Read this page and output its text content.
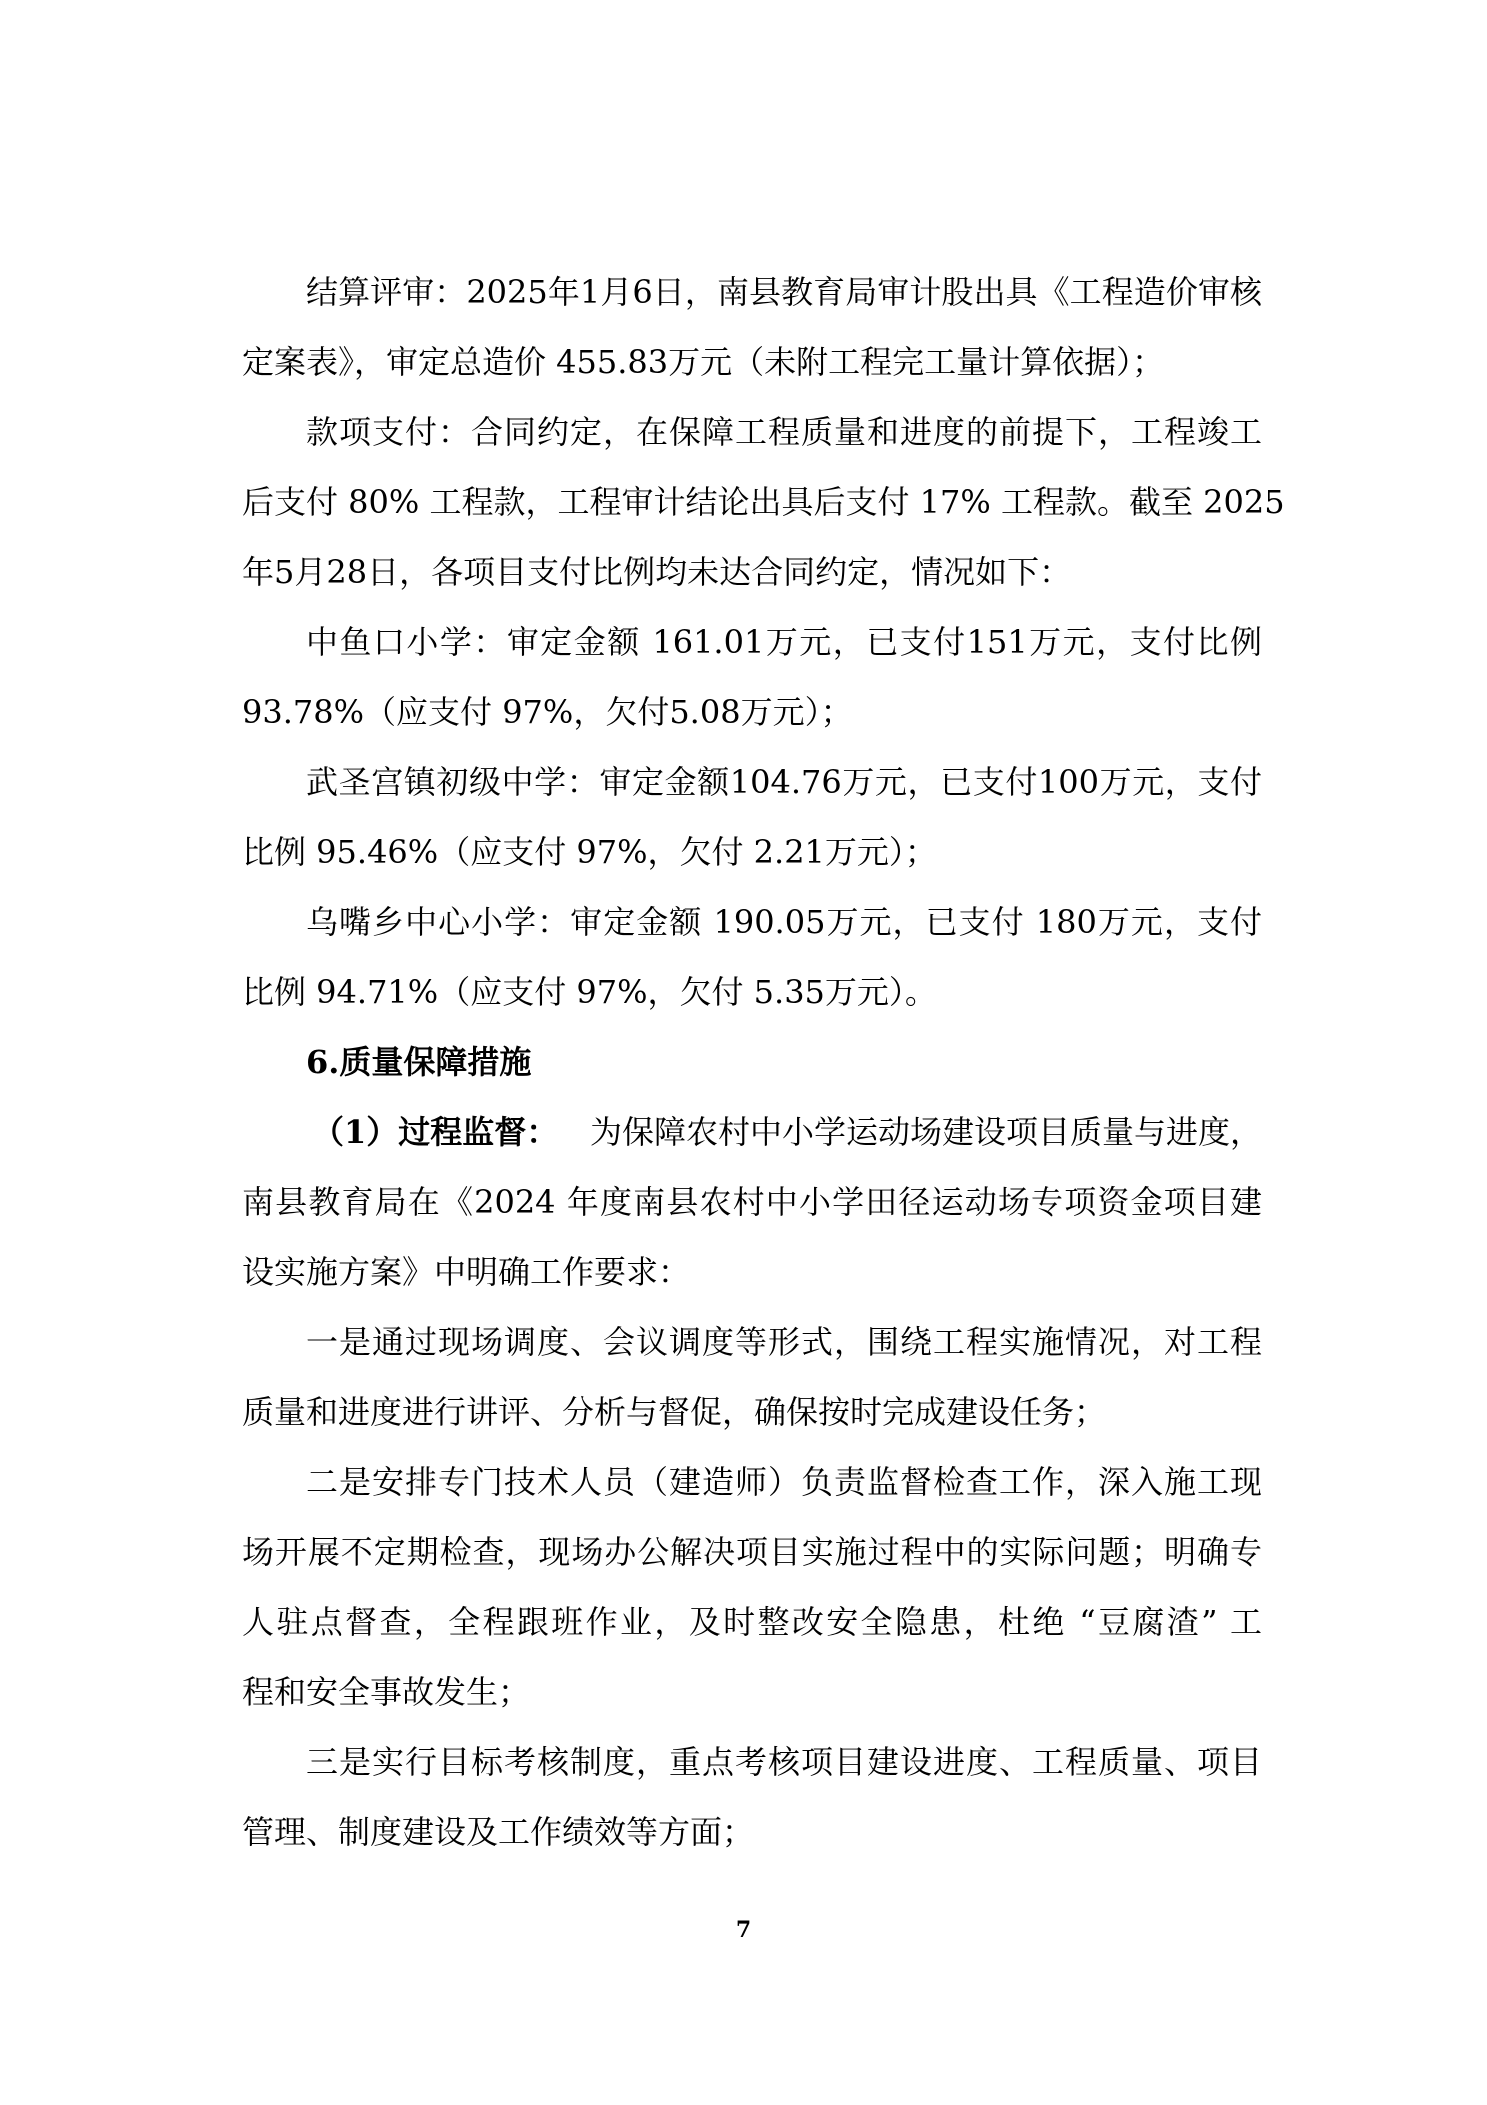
结算评审：2025年1月6日，南县教育局审计股出具《工程造价审核
定案表》，审定总造价 455.83万元（未附工程完工量计算依据）；
款项支付：合同约定，在保障工程质量和进度的前提下，工程竣工
后支付 80% 工程款，工程审计结论出具后支付 17% 工程款。截至 2025
年5月28日，各项目支付比例均未达合同约定，情况如下：
中鱼口小学：审定金额 161.01万元，已支付151万元，支付比例
93.78%（应支付 97%，欠付5.08万元）；
武圣宫镇初级中学：审定金额104.76万元，已支付100万元，支付
比例 95.46%（应支付 97%，欠付 2.21万元）；
乌嘴乡中心小学：审定金额 190.05万元，已支付 180万元，支付
比例 94.71%（应支付 97%，欠付 5.35万元）。
6.质量保障措施
（1）过程监督： 为保障农村中小学运动场建设项目质量与进度，
南县教育局在《2024 年度南县农村中小学田径运动场专项资金项目建
设实施方案》中明确工作要求：
一是通过现场调度、会议调度等形式，围绕工程实施情况，对工程
质量和进度进行讲评、分析与督促，确保按时完成建设任务；
二是安排专门技术人员（建造师）负责监督检查工作，深入施工现
场开展不定期检查，现场办公解决项目实施过程中的实际问题；明确专
人驻点督查，全程跟班作业，及时整改安全隐患，杜绝 “豆腐渣” 工
程和安全事故发生；
三是实行目标考核制度，重点考核项目建设进度、工程质量、项目
管理、制度建设及工作绩效等方面；
7
